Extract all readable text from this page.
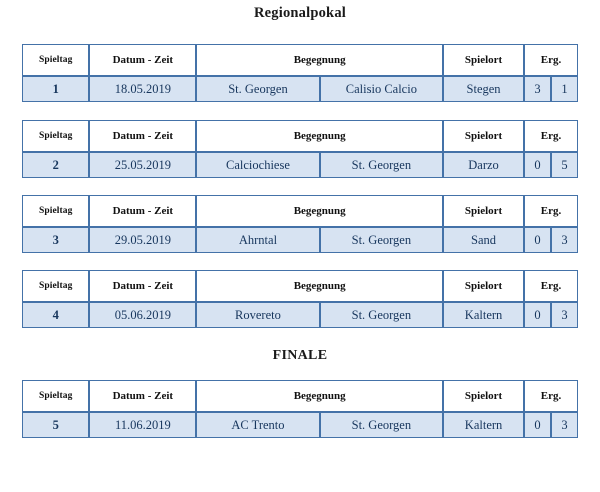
Regionalpokal
Spieltag	Datum - Zeit	Begegnung		Spielort	Erg.	
1	18.05.2019	St. Georgen	Calisio Calcio	Stegen	3	1
Spieltag	Datum - Zeit	Begegnung		Spielort	Erg.	
2	25.05.2019	Calciochiese	St. Georgen	Darzo	0	5
Spieltag	Datum - Zeit	Begegnung		Spielort	Erg.	
3	29.05.2019	Ahrntal	St. Georgen	Sand	0	3
Spieltag	Datum - Zeit	Begegnung		Spielort	Erg.	
4	05.06.2019	Rovereto	St. Georgen	Kaltern	0	3
FINALE
Spieltag	Datum - Zeit	Begegnung		Spielort	Erg.	
5	11.06.2019	AC Trento	St. Georgen	Kaltern	0	3
